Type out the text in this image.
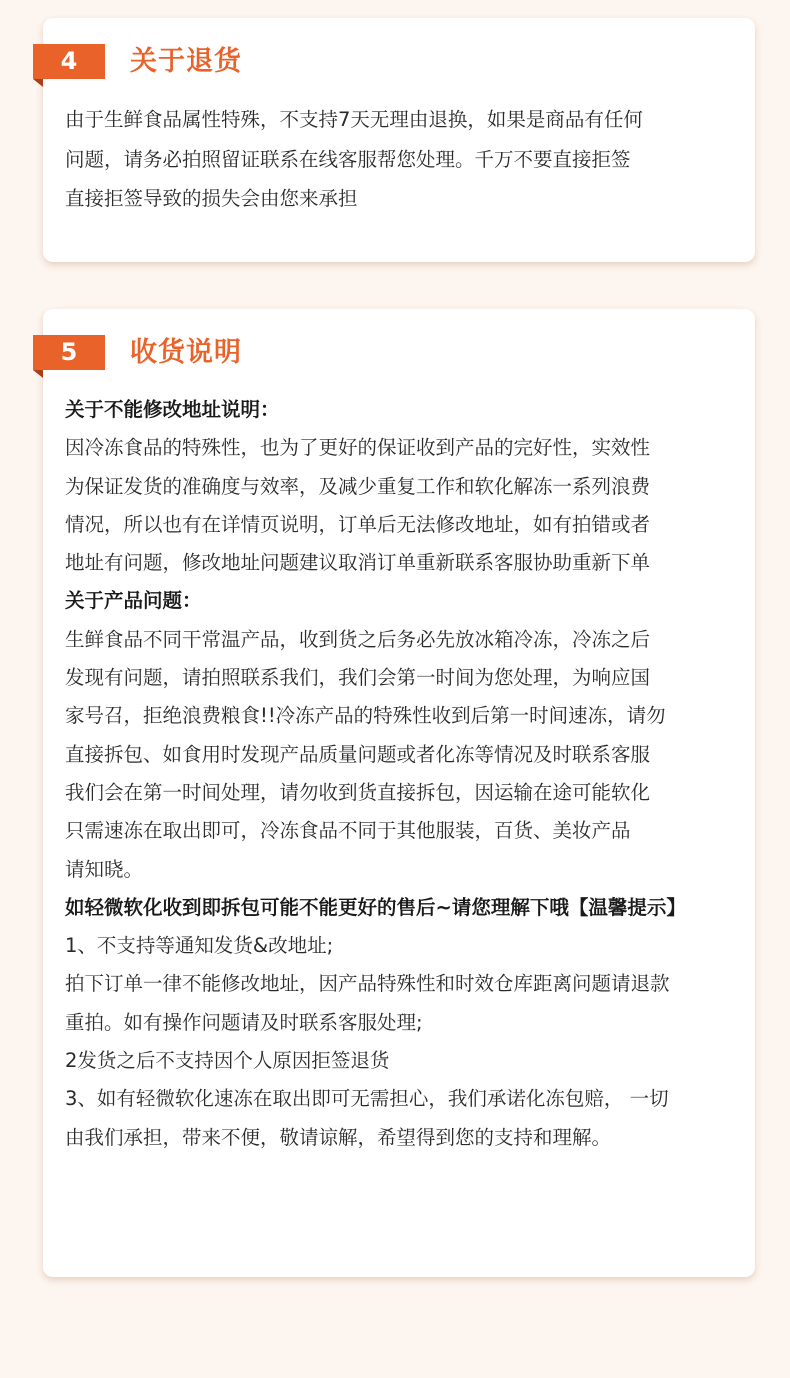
4	关于退货
由于生鲜食品属性特殊，不支持7天无理由退换，如果是商品有任何
问题，请务必拍照留证联系在线客服帮您处理。千万不要直接拒签
直接拒签导致的损失会由您来承担
5	收货说明
关于不能修改地址说明：
因冷冻食品的特殊性，也为了更好的保证收到产品的完好性，实效性
为保证发货的准确度与效率，及减少重复工作和软化解冻一系列浪费
情况，所以也有在详情页说明，订单后无法修改地址，如有拍错或者
地址有问题，修改地址问题建议取消订单重新联系客服协助重新下单
关于产品问题：
生鲜食品不同干常温产品，收到货之后务必先放冰箱冷冻，冷冻之后
发现有问题，请拍照联系我们，我们会第一时间为您处理，为响应国
家号召，拒绝浪费粮食!!冷冻产品的特殊性收到后第一时间速冻，请勿
直接拆包、如食用时发现产品质量问题或者化冻等情况及时联系客服
我们会在第一时间处理，请勿收到货直接拆包，因运输在途可能软化
只需速冻在取出即可，冷冻食品不同于其他服装，百货、美妆产品
请知晓。
如轻微软化收到即拆包可能不能更好的售后~请您理解下哦【温馨提示】
1、不支持等通知发货&改地址;
拍下订单一律不能修改地址，因产品特殊性和时效仓库距离问题请退款
重拍。如有操作问题请及时联系客服处理;
2发货之后不支持因个人原因拒签退货
3、如有轻微软化速冻在取出即可无需担心，我们承诺化冻包赔， 一切
由我们承担，带来不便，敬请谅解，希望得到您的支持和理解。
